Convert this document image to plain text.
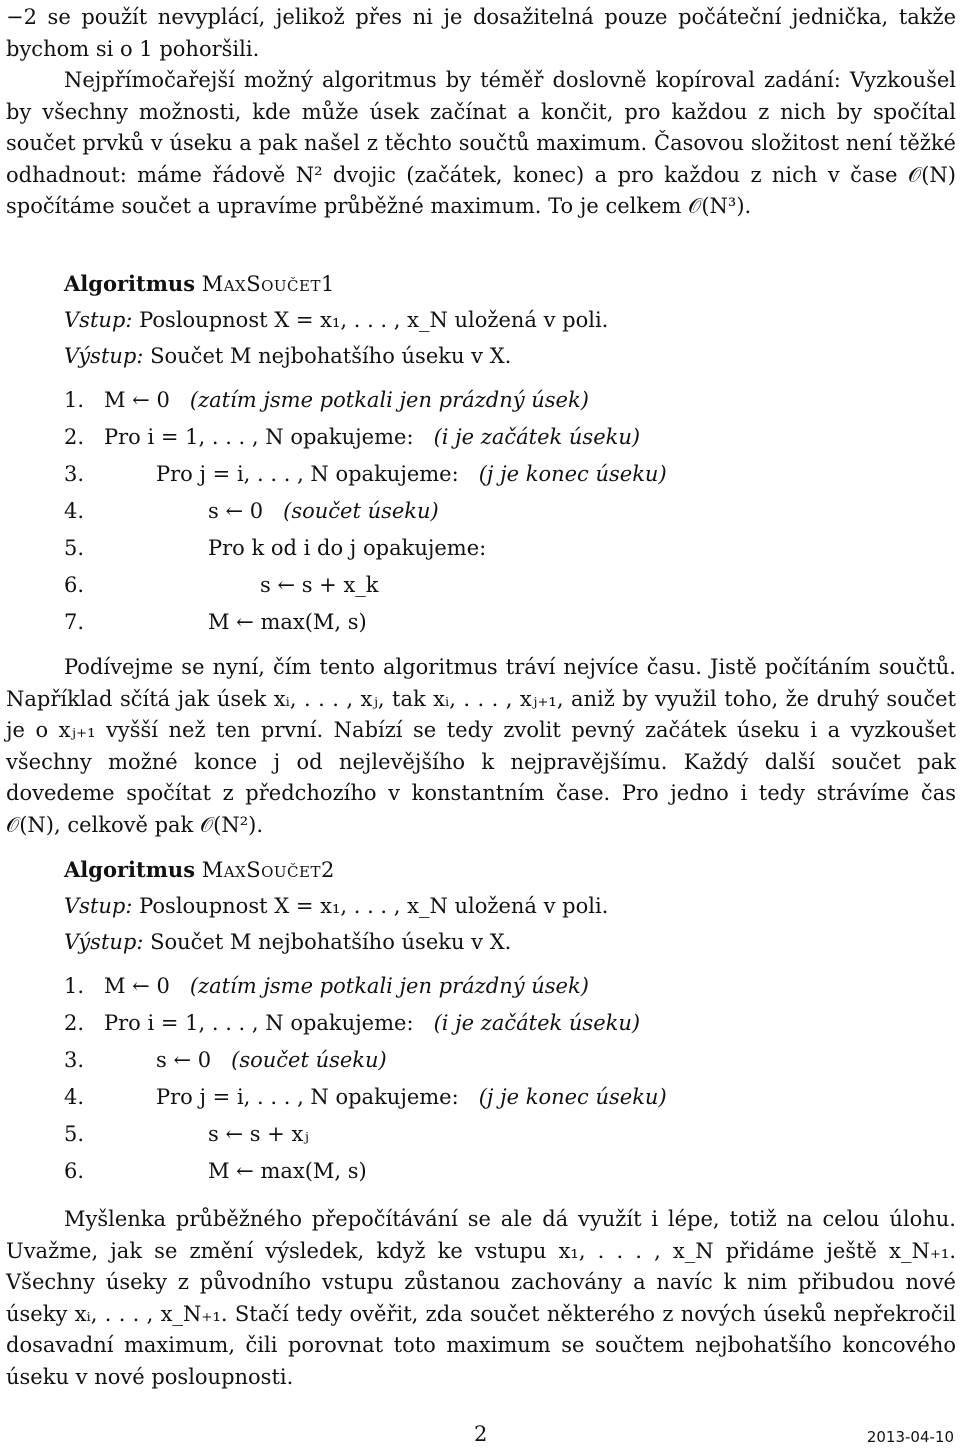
−2 se použít nevyplácí, jelikož přes ni je dosažitelná pouze počáteční jednička, takže bychom si o 1 pohoršili.

Nejpřímočařejší možný algoritmus by téměř doslovně kopíroval zadání: Vyzkoušel by všechny možnosti, kde může úsek začínat a končit, pro každou z nich by spočítal součet prvků v úseku a pak našel z těchto součtů maximum. Časovou složitost není těžké odhadnout: máme řádově N² dvojic (začátek, konec) a pro každou z nich v čase 𝒪(N) spočítáme součet a upravíme průběžné maximum. To je celkem 𝒪(N³).

Algoritmus MaxSoučet1
Vstup: Posloupnost X = x₁, . . . , x_N uložená v poli.
Výstup: Součet M nejbohatšího úseku v X.
1. M ← 0
(zatím jsme potkali jen prázdný úsek)
2. Pro i = 1, . . . , N opakujeme:
(i je začátek úseku)
3.	Pro j = i, . . . , N opakujeme:
(j je konec úseku)
4.	s ← 0
(součet úseku)
5.	Pro k od i do j opakujeme:
6.	s ← s + x_k
7.	M ← max(M, s)

Podívejme se nyní, čím tento algoritmus tráví nejvíce času. Jistě počítáním součtů. Například sčítá jak úsek xᵢ, . . . , xⱼ, tak xᵢ, . . . , xⱼ₊₁, aniž by využil toho, že druhý součet je o xⱼ₊₁ vyšší než ten první. Nabízí se tedy zvolit pevný začátek úseku i a vyzkoušet všechny možné konce j od nejlevějšího k nejpravějšímu. Každý další součet pak dovedeme spočítat z předchozího v konstantním čase. Pro jedno i tedy strávíme čas 𝒪(N), celkově pak 𝒪(N²).

Algoritmus MaxSoučet2
Vstup: Posloupnost X = x₁, . . . , x_N uložená v poli.
Výstup: Součet M nejbohatšího úseku v X.
1. M ← 0
(zatím jsme potkali jen prázdný úsek)
2. Pro i = 1, . . . , N opakujeme:
(i je začátek úseku)
3.	s ← 0
(součet úseku)
4.	Pro j = i, . . . , N opakujeme:
(j je konec úseku)
5.	s ← s + xⱼ
6.	M ← max(M, s)

Myšlenka průběžného přepočítávání se ale dá využít i lépe, totiž na celou úlohu. Uvažme, jak se změní výsledek, když ke vstupu x₁, . . . , x_N přidáme ještě x_N₊₁. Všechny úseky z původního vstupu zůstanou zachovány a navíc k nim přibudou nové úseky xᵢ, . . . , x_N₊₁. Stačí tedy ověřit, zda součet některého z nových úseků nepřekročil dosavadní maximum, čili porovnat toto maximum se součtem nejbohatšího koncového úseku v nové posloupnosti.

2	2013-04-10
